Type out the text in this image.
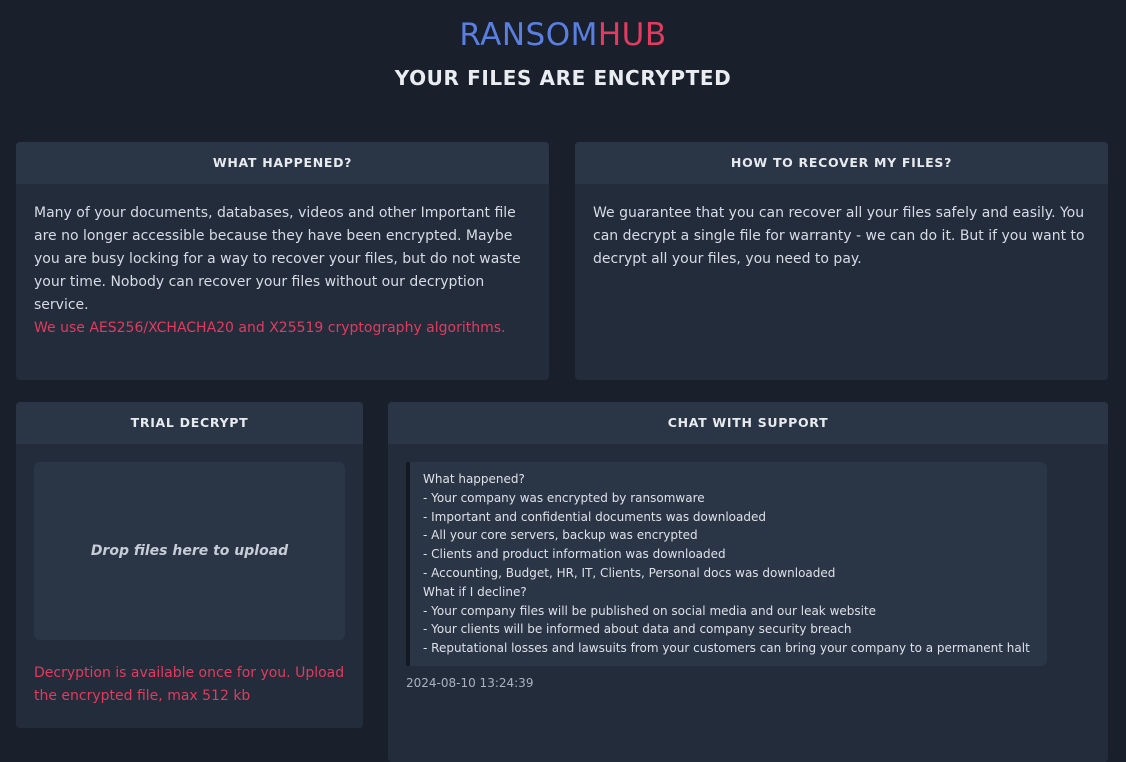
RANSOMHUB
YOUR FILES ARE ENCRYPTED
WHAT HAPPENED?
Many of your documents, databases, videos and other Important file are no longer accessible because they have been encrypted. Maybe you are busy locking for a way to recover your files, but do not waste your time. Nobody can recover your files without our decryption service.
We use AES256/XCHACHA20 and X25519 cryptography algorithms.
HOW TO RECOVER MY FILES?
We guarantee that you can recover all your files safely and easily. You can decrypt a single file for warranty - we can do it. But if you want to decrypt all your files, you need to pay.
TRIAL DECRYPT
Drop files here to upload
Decryption is available once for you. Upload the encrypted file, max 512 kb
CHAT WITH SUPPORT
What happened?
- Your company was encrypted by ransomware
- Important and confidential documents was downloaded
- All your core servers, backup was encrypted
- Clients and product information was downloaded
- Accounting, Budget, HR, IT, Clients, Personal docs was downloaded
What if I decline?
- Your company files will be published on social media and our leak website
- Your clients will be informed about data and company security breach
- Reputational losses and lawsuits from your customers can bring your company to a permanent halt
2024-08-10 13:24:39
